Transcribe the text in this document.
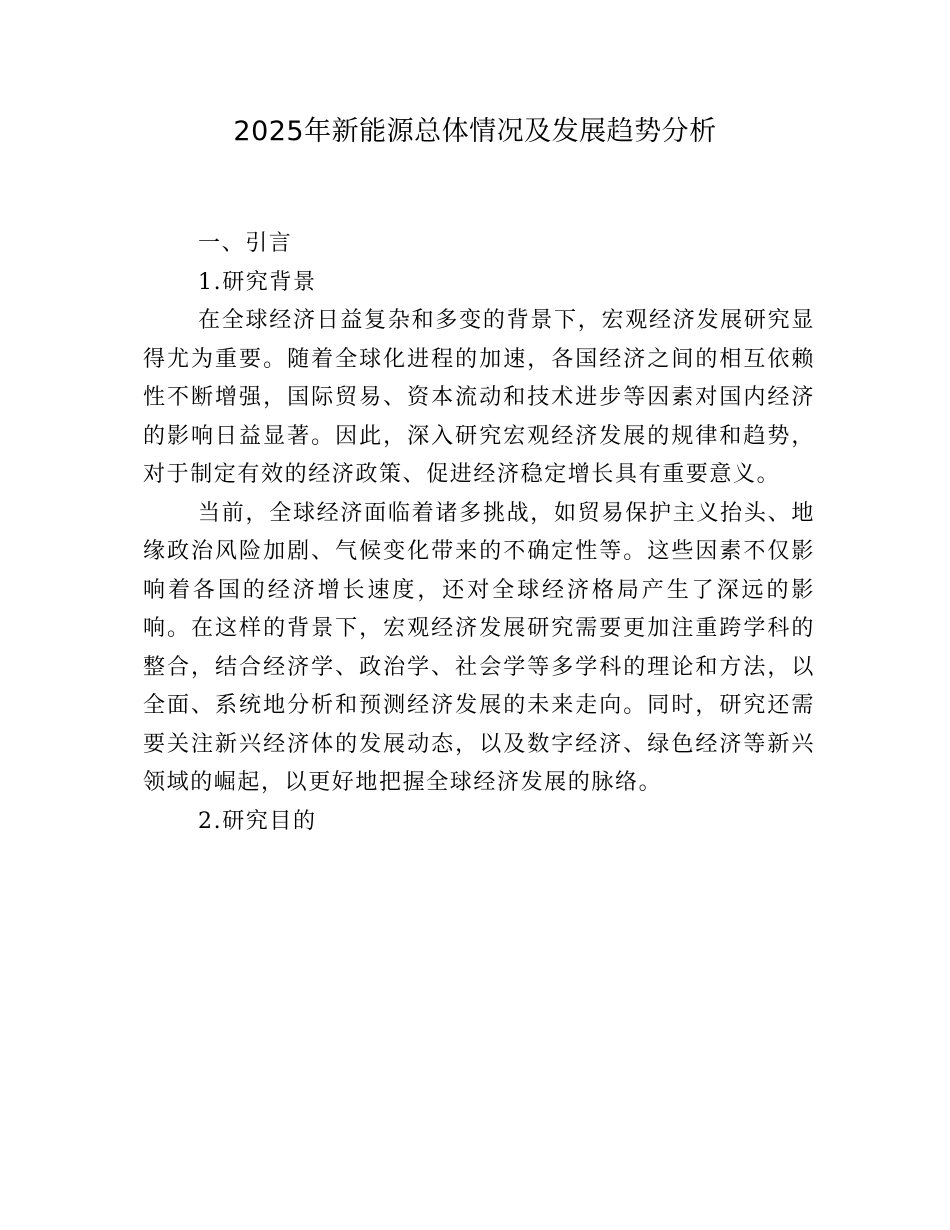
2025年新能源总体情况及发展趋势分析

一、引言

1.研究背景

在全球经济日益复杂和多变的背景下，宏观经济发展研究显得尤为重要。随着全球化进程的加速，各国经济之间的相互依赖性不断增强，国际贸易、资本流动和技术进步等因素对国内经济的影响日益显著。因此，深入研究宏观经济发展的规律和趋势，对于制定有效的经济政策、促进经济稳定增长具有重要意义。

当前，全球经济面临着诸多挑战，如贸易保护主义抬头、地缘政治风险加剧、气候变化带来的不确定性等。这些因素不仅影响着各国的经济增长速度，还对全球经济格局产生了深远的影响。在这样的背景下，宏观经济发展研究需要更加注重跨学科的整合，结合经济学、政治学、社会学等多学科的理论和方法，以全面、系统地分析和预测经济发展的未来走向。同时，研究还需要关注新兴经济体的发展动态，以及数字经济、绿色经济等新兴领域的崛起，以更好地把握全球经济发展的脉络。

2.研究目的
